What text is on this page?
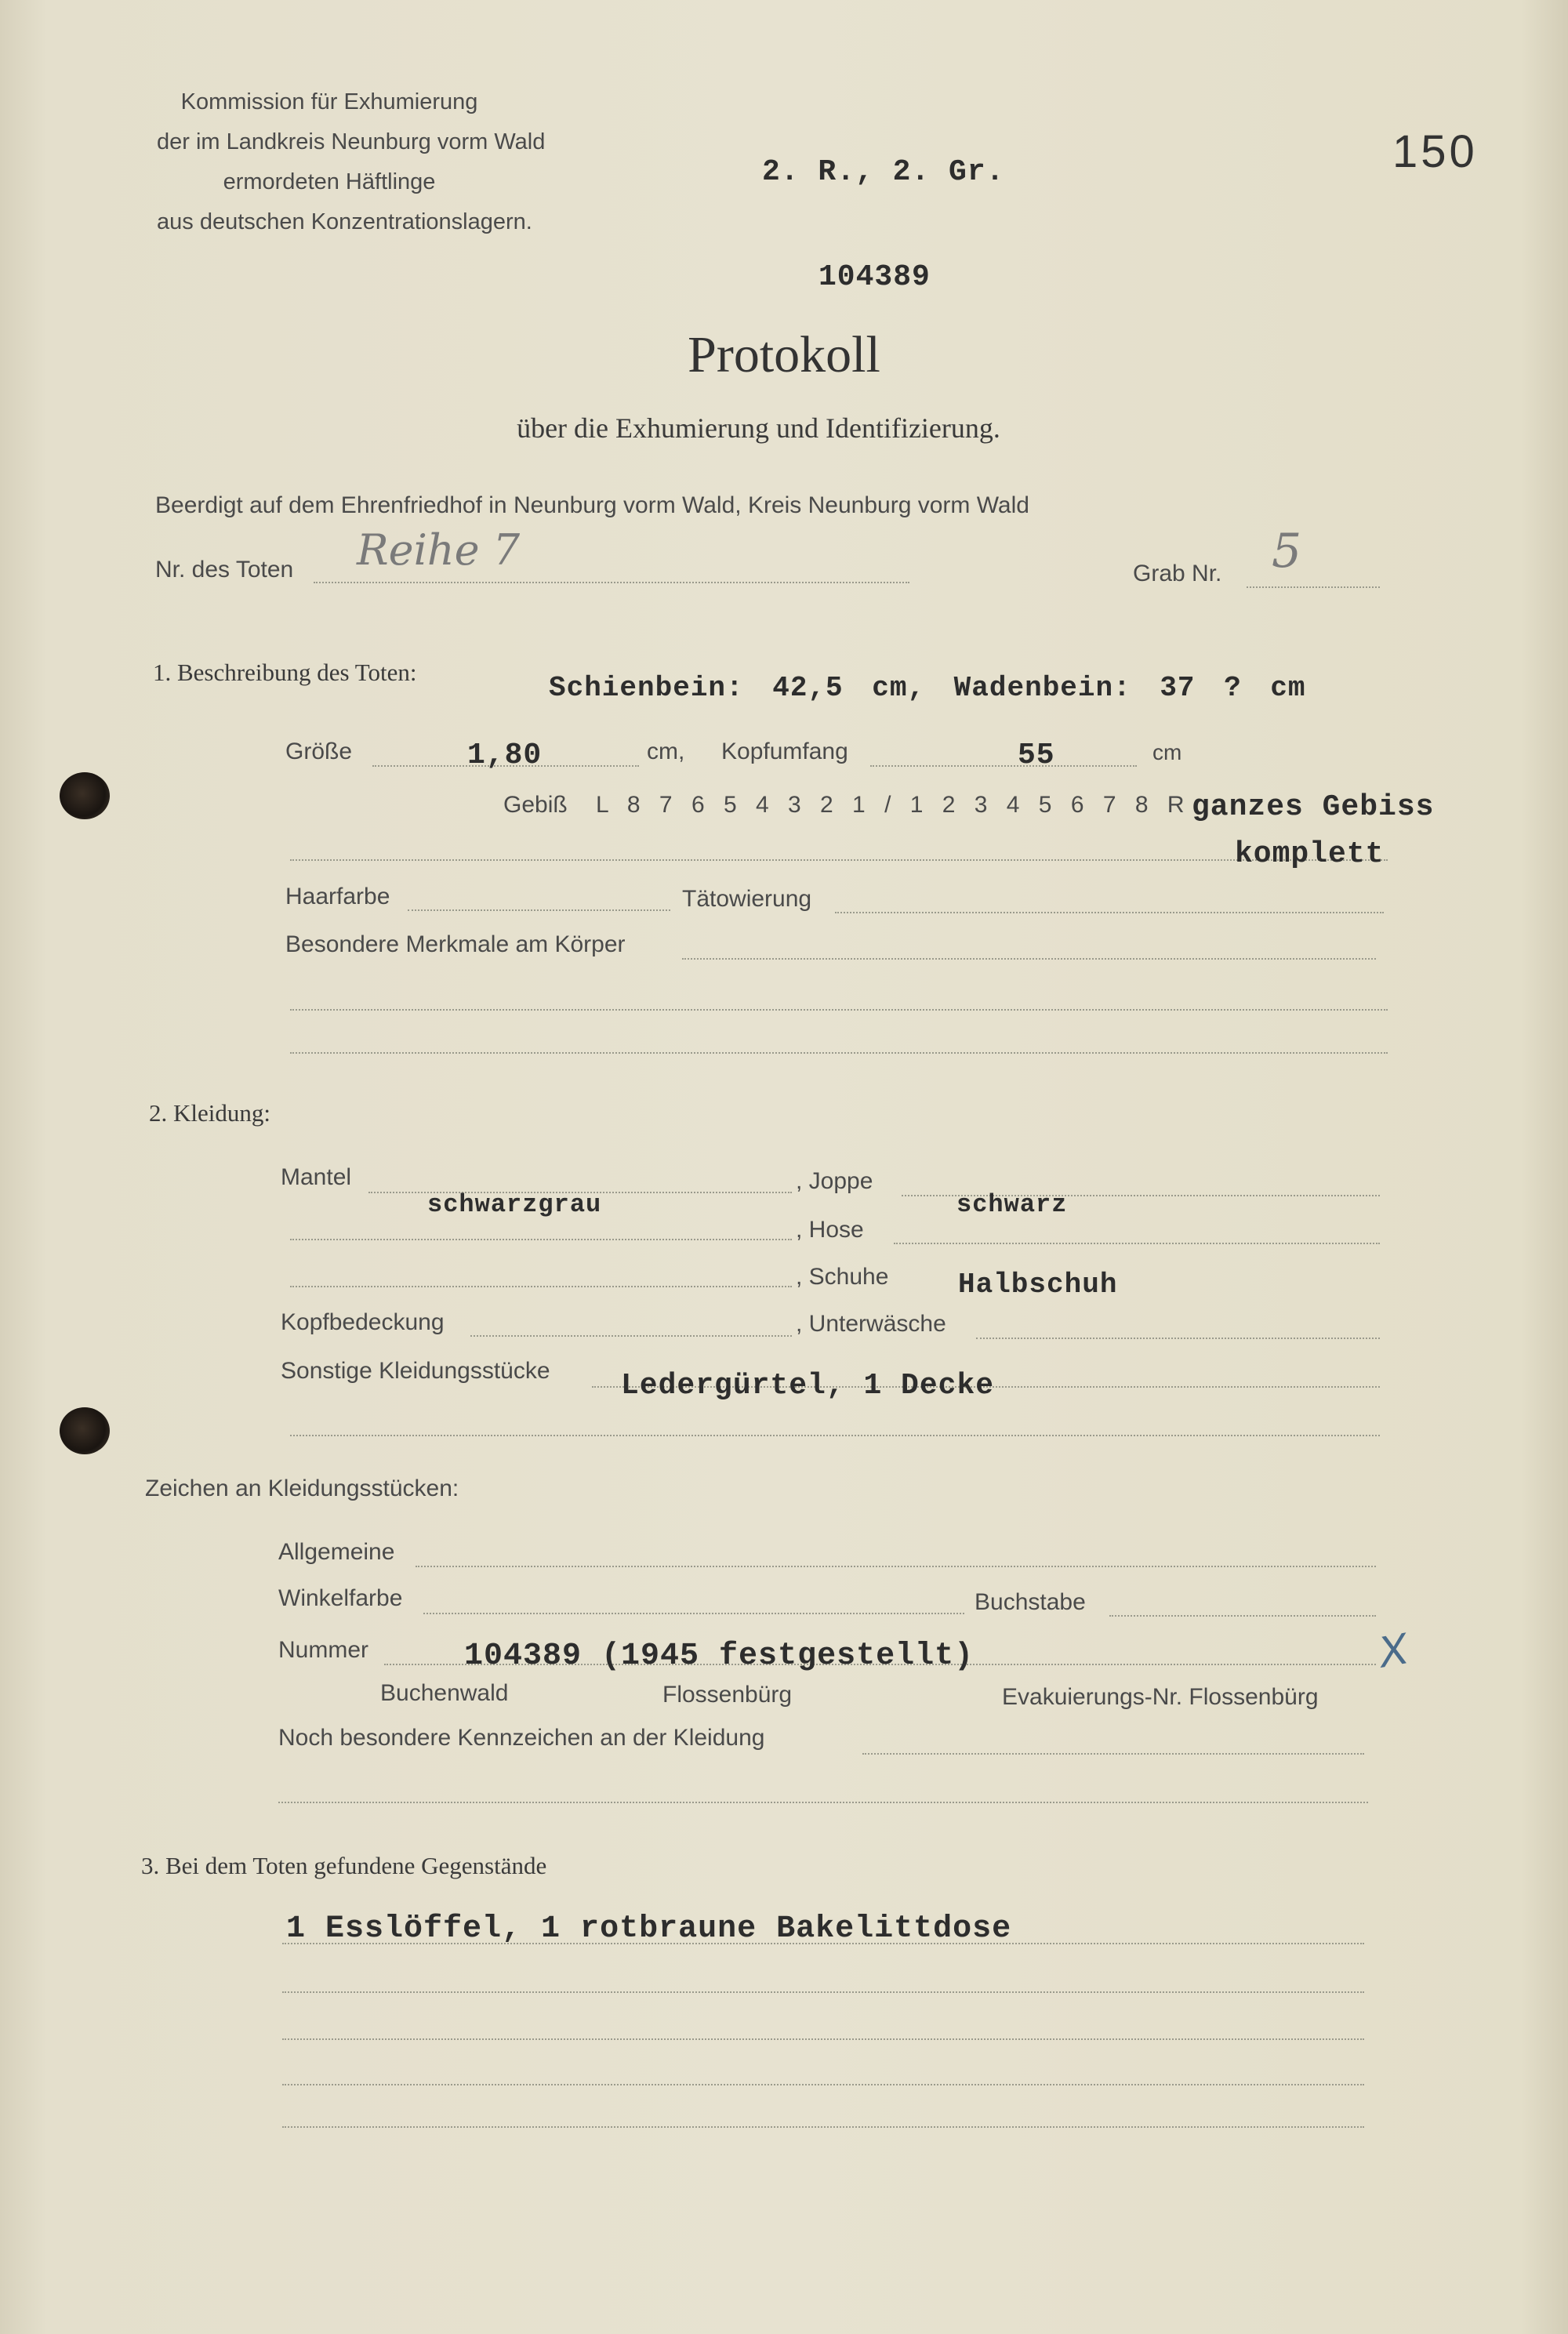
Kommission für Exhumierung
der im Landkreis Neunburg vorm Wald
ermordeten Häftlinge
aus deutschen Konzentrationslagern.
2. R., 2. Gr.	150
104389
Protokoll
über die Exhumierung und Identifizierung.
Beerdigt auf dem Ehrenfriedhof in Neunburg vorm Wald, Kreis Neunburg vorm Wald
Nr. des Toten Reihe 7	Grab Nr. 5
1. Beschreibung des Toten:	Schienbein: 42,5 cm, Wadenbein: 37 ? cm
Größe	1,80	cm, Kopfumfang	55	cm
Gebiß L 8 7 6 5 4 3 2 1 / 1 2 3 4 5 6 7 8 R ganzes Gebiss
komplett
Haarfarbe	Tätowierung
Besondere Merkmale am Körper
2. Kleidung:
Mantel
schwarzgrau
, Joppe
schwarz
, Hose
, Schuhe Halbschuh
Kopfbedeckung	, Unterwäsche
Sonstige Kleidungsstücke Ledergürtel, 1 Decke
Zeichen an Kleidungsstücken:
Allgemeine
Winkelfarbe	Buchstabe
Nummer	104389 (1945 festgestellt)	X
Buchenwald	Flossenbürg	Evakuierungs-Nr. Flossenbürg
Noch besondere Kennzeichen an der Kleidung
3. Bei dem Toten gefundene Gegenstände
1 Esslöffel, 1 rotbraune Bakelittdose
